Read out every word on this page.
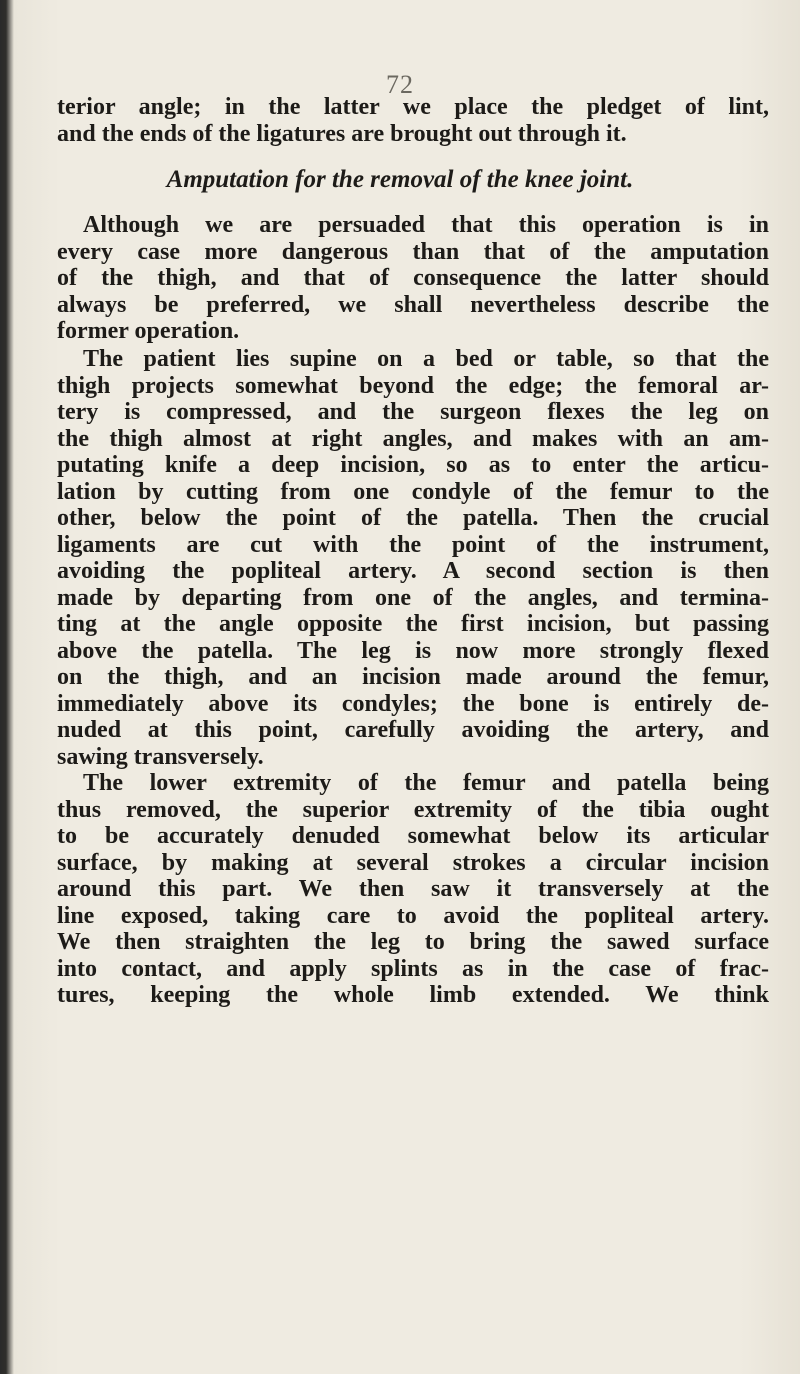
72
terior angle; in the latter we place the pledget of lint,
and the ends of the ligatures are brought out through it.
Amputation for the removal of the knee joint.
Although we are persuaded that this operation is in
every case more dangerous than that of the amputation
of the thigh, and that of consequence the latter should
always be preferred, we shall nevertheless describe the
former operation.
The patient lies supine on a bed or table, so that the
thigh projects somewhat beyond the edge; the femoral ar-
tery is compressed, and the surgeon flexes the leg on
the thigh almost at right angles, and makes with an am-
putating knife a deep incision, so as to enter the articu-
lation by cutting from one condyle of the femur to the
other, below the point of the patella. Then the crucial
ligaments are cut with the point of the instrument,
avoiding the popliteal artery. A second section is then
made by departing from one of the angles, and termina-
ting at the angle opposite the first incision, but passing
above the patella. The leg is now more strongly flexed
on the thigh, and an incision made around the femur,
immediately above its condyles; the bone is entirely de-
nuded at this point, carefully avoiding the artery, and
sawing transversely.
The lower extremity of the femur and patella being
thus removed, the superior extremity of the tibia ought
to be accurately denuded somewhat below its articular
surface, by making at several strokes a circular incision
around this part. We then saw it transversely at the
line exposed, taking care to avoid the popliteal artery.
We then straighten the leg to bring the sawed surface
into contact, and apply splints as in the case of frac-
tures, keeping the whole limb extended. We think
